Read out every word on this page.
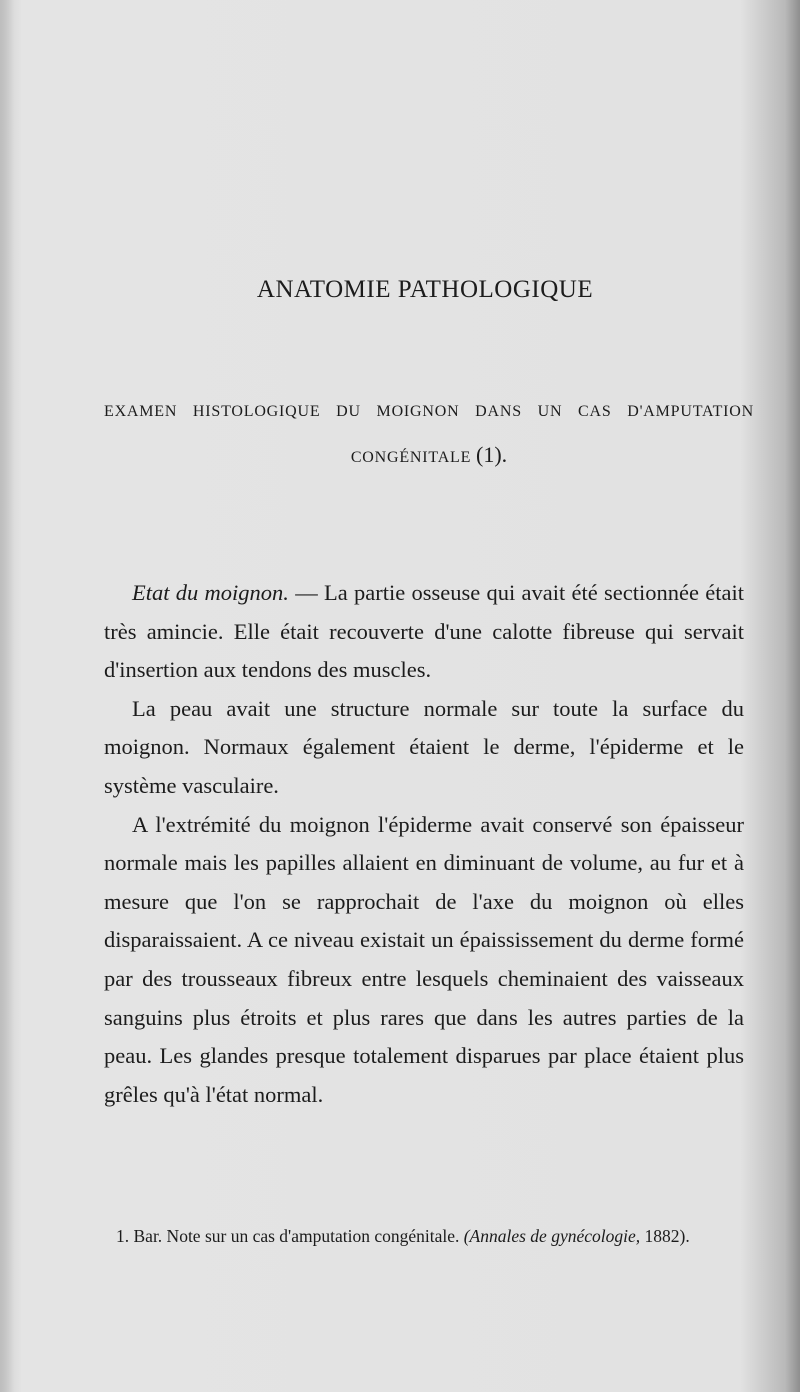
ANATOMIE PATHOLOGIQUE
EXAMEN HISTOLOGIQUE DU MOIGNON DANS UN CAS D'AMPUTATION CONGÉNITALE (1).

Etat du moignon. — La partie osseuse qui avait été sectionnée était très amincie. Elle était recouverte d'une calotte fibreuse qui servait d'insertion aux tendons des muscles.

La peau avait une structure normale sur toute la surface du moignon. Normaux également étaient le derme, l'épiderme et le système vasculaire.

A l'extrémité du moignon l'épiderme avait conservé son épaisseur normale mais les papilles allaient en diminuant de volume, au fur et à mesure que l'on se rapprochait de l'axe du moignon où elles disparaissaient. A ce niveau existait un épaississement du derme formé par des trousseaux fibreux entre lesquels cheminaient des vaisseaux sanguins plus étroits et plus rares que dans les autres parties de la peau. Les glandes presque totalement disparues par place étaient plus grêles qu'à l'état normal.

1. Bar. Note sur un cas d'amputation congénitale. (Annales de gynécologie, 1882).
